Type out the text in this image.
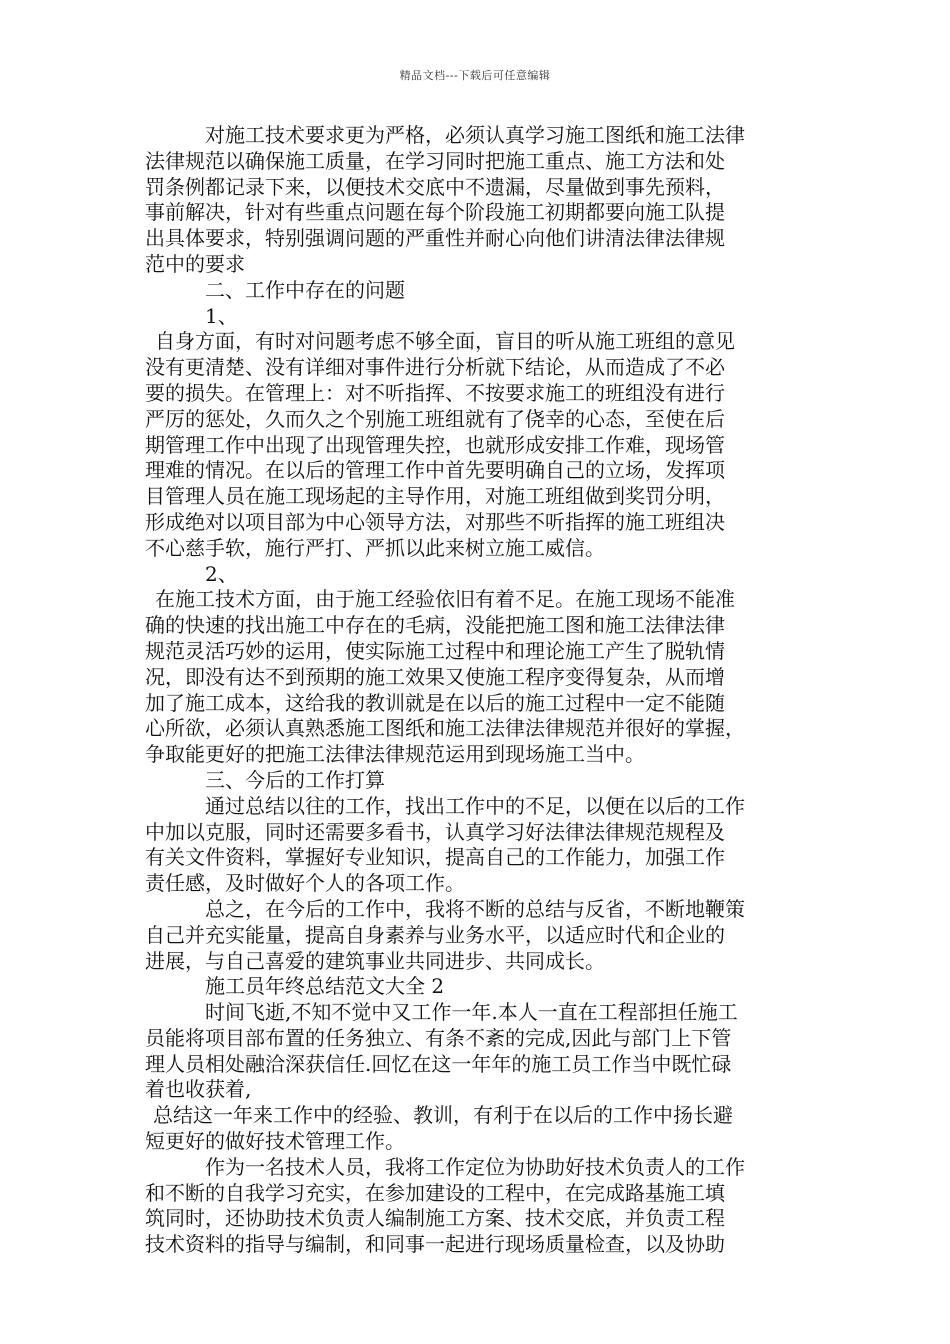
精品文档---下载后可任意编辑
对施工技术要求更为严格，必须认真学习施工图纸和施工法律
法律规范以确保施工质量，在学习同时把施工重点、施工方法和处
罚条例都记录下来，以便技术交底中不遗漏，尽量做到事先预料，
事前解决，针对有些重点问题在每个阶段施工初期都要向施工队提
出具体要求，特别强调问题的严重性并耐心向他们讲清法律法律规
范中的要求
二、工作中存在的问题
1、
自身方面，有时对问题考虑不够全面，盲目的听从施工班组的意见
没有更清楚、没有详细对事件进行分析就下结论，从而造成了不必
要的损失。在管理上：对不听指挥、不按要求施工的班组没有进行
严厉的惩处，久而久之个别施工班组就有了侥幸的心态，至使在后
期管理工作中出现了出现管理失控，也就形成安排工作难，现场管
理难的情况。在以后的管理工作中首先要明确自己的立场，发挥项
目管理人员在施工现场起的主导作用，对施工班组做到奖罚分明，
形成绝对以项目部为中心领导方法，对那些不听指挥的施工班组决
不心慈手软，施行严打、严抓以此来树立施工威信。
2、
在施工技术方面，由于施工经验依旧有着不足。在施工现场不能准
确的快速的找出施工中存在的毛病，没能把施工图和施工法律法律
规范灵活巧妙的运用，使实际施工过程中和理论施工产生了脱轨情
况，即没有达不到预期的施工效果又使施工程序变得复杂，从而增
加了施工成本，这给我的教训就是在以后的施工过程中一定不能随
心所欲，必须认真熟悉施工图纸和施工法律法律规范并很好的掌握，
争取能更好的把施工法律法律规范运用到现场施工当中。
三、今后的工作打算
通过总结以往的工作，找出工作中的不足，以便在以后的工作
中加以克服，同时还需要多看书，认真学习好法律法律规范规程及
有关文件资料，掌握好专业知识，提高自己的工作能力，加强工作
责任感，及时做好个人的各项工作。
总之，在今后的工作中，我将不断的总结与反省，不断地鞭策
自己并充实能量，提高自身素养与业务水平，以适应时代和企业的
进展，与自己喜爱的建筑事业共同进步、共同成长。
施工员年终总结范文大全 2
时间飞逝,不知不觉中又工作一年.本人一直在工程部担任施工
员能将项目部布置的任务独立、有条不紊的完成,因此与部门上下管
理人员相处融洽深获信任.回忆在这一年年的施工员工作当中既忙碌
着也收获着,
总结这一年来工作中的经验、教训，有利于在以后的工作中扬长避
短更好的做好技术管理工作。
作为一名技术人员，我将工作定位为协助好技术负责人的工作
和不断的自我学习充实，在参加建设的工程中，在完成路基施工填
筑同时，还协助技术负责人编制施工方案、技术交底，并负责工程
技术资料的指导与编制，和同事一起进行现场质量检查，以及协助
